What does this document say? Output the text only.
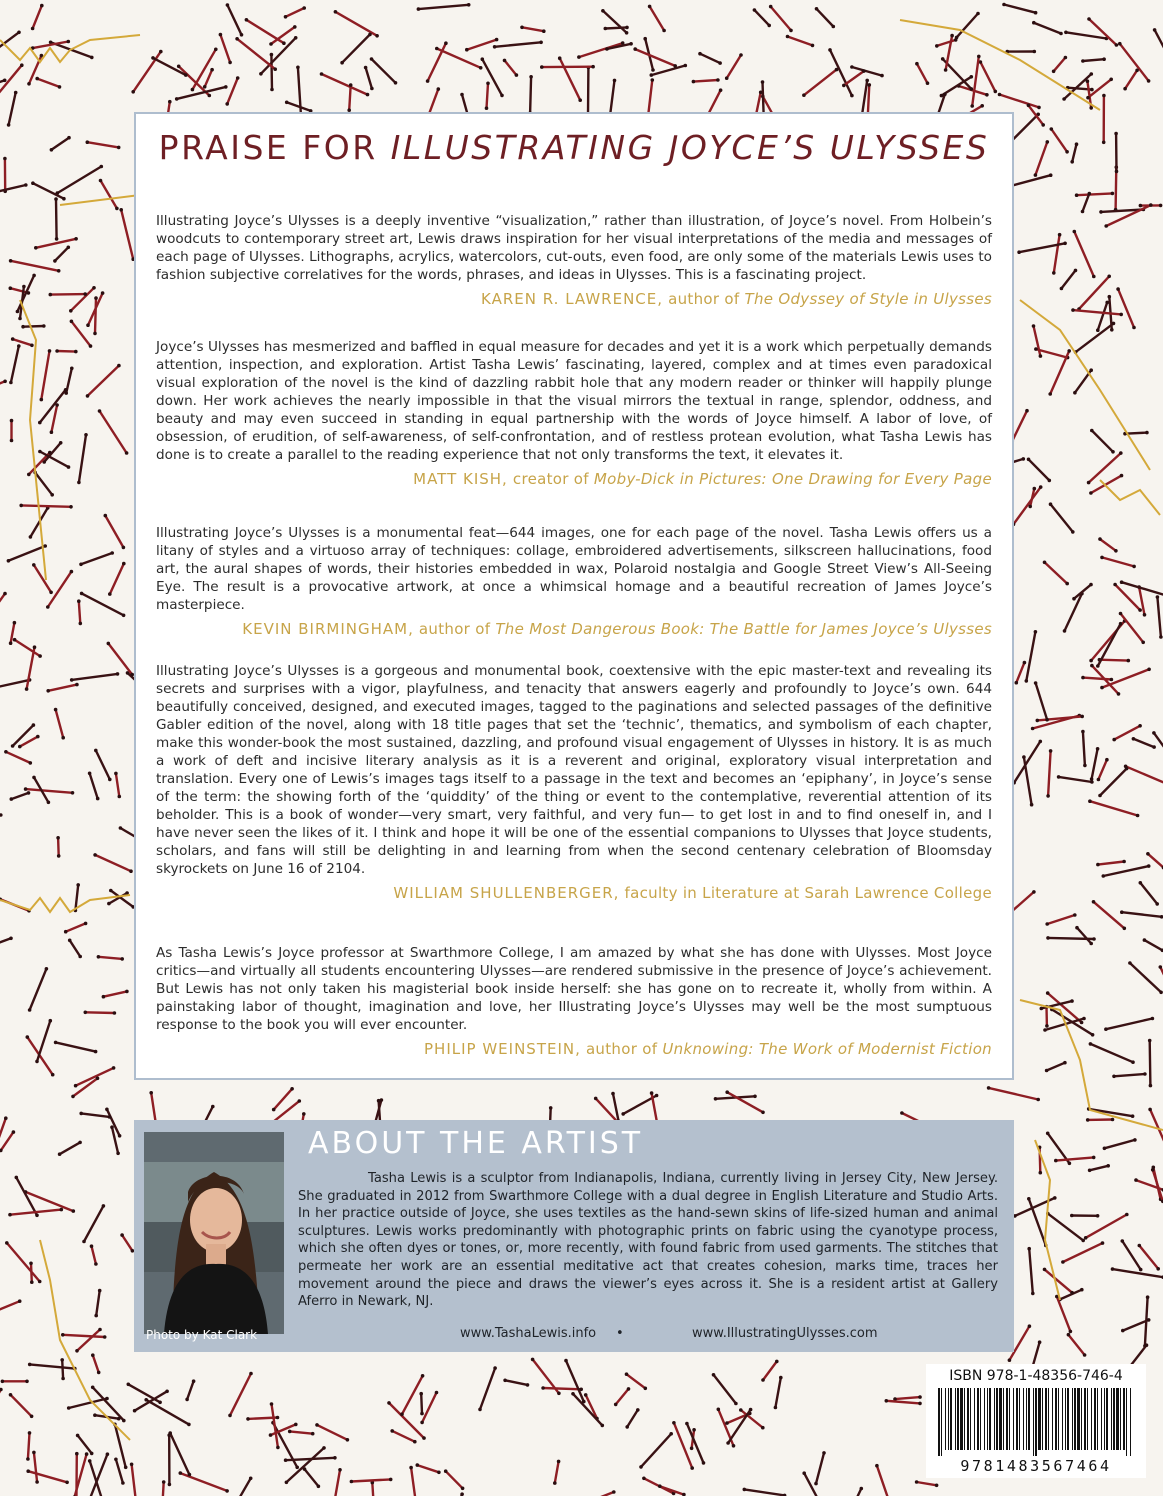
PRAISE FOR ILLUSTRATING JOYCE’S ULYSSES

Illustrating Joyce’s Ulysses is a deeply inventive “visualization,” rather than illustration, of Joyce’s novel. From Holbein’s woodcuts to contemporary street art, Lewis draws inspiration for her visual interpretations of the media and messages of each page of Ulysses. Lithographs, acrylics, watercolors, cut-outs, even food, are only some of the materials Lewis uses to fashion subjective correlatives for the words, phrases, and ideas in Ulysses. This is a fascinating project.

KAREN R. LAWRENCE, author of The Odyssey of Style in Ulysses

Joyce’s Ulysses has mesmerized and baffled in equal measure for decades and yet it is a work which perpetually demands attention, inspection, and exploration. Artist Tasha Lewis’ fascinating, layered, complex and at times even paradoxical visual exploration of the novel is the kind of dazzling rabbit hole that any modern reader or thinker will happily plunge down. Her work achieves the nearly impossible in that the visual mirrors the textual in range, splendor, oddness, and beauty and may even succeed in standing in equal partnership with the words of Joyce himself. A labor of love, of obsession, of erudition, of self-awareness, of self-confrontation, and of restless protean evolution, what Tasha Lewis has done is to create a parallel to the reading experience that not only transforms the text, it elevates it.

MATT KISH, creator of Moby-Dick in Pictures: One Drawing for Every Page

Illustrating Joyce’s Ulysses is a monumental feat—644 images, one for each page of the novel. Tasha Lewis offers us a litany of styles and a virtuoso array of techniques: collage, embroidered advertisements, silkscreen hallucinations, food art, the aural shapes of words, their histories embedded in wax, Polaroid nostalgia and Google Street View’s All-Seeing Eye. The result is a provocative artwork, at once a whimsical homage and a beautiful recreation of James Joyce’s masterpiece.

KEVIN BIRMINGHAM, author of The Most Dangerous Book: The Battle for James Joyce’s Ulysses

Illustrating Joyce’s Ulysses is a gorgeous and monumental book, coextensive with the epic master-text and revealing its secrets and surprises with a vigor, playfulness, and tenacity that answers eagerly and profoundly to Joyce’s own. 644 beautifully conceived, designed, and executed images, tagged to the paginations and selected passages of the definitive Gabler edition of the novel, along with 18 title pages that set the ‘technic’, thematics, and symbolism of each chapter, make this wonder-book the most sustained, dazzling, and profound visual engagement of Ulysses in history. It is as much a work of deft and incisive literary analysis as it is a reverent and original, exploratory visual interpretation and translation. Every one of Lewis’s images tags itself to a passage in the text and becomes an ‘epiphany’, in Joyce’s sense of the term: the showing forth of the ‘quiddity’ of the thing or event to the contemplative, reverential attention of its beholder. This is a book of wonder—very smart, very faithful, and very fun— to get lost in and to find oneself in, and I have never seen the likes of it. I think and hope it will be one of the essential companions to Ulysses that Joyce students, scholars, and fans will still be delighting in and learning from when the second centenary celebration of Bloomsday skyrockets on June 16 of 2104.

WILLIAM SHULLENBERGER, faculty in Literature at Sarah Lawrence College

As Tasha Lewis’s Joyce professor at Swarthmore College, I am amazed by what she has done with Ulysses. Most Joyce critics—and virtually all students encountering Ulysses—are rendered submissive in the presence of Joyce’s achievement. But Lewis has not only taken his magisterial book inside herself: she has gone on to recreate it, wholly from within. A painstaking labor of thought, imagination and love, her Illustrating Joyce’s Ulysses may well be the most sumptuous response to the book you will ever encounter.

PHILIP WEINSTEIN, author of Unknowing: The Work of Modernist Fiction
Photo by Kat Clark
ABOUT THE ARTIST

Tasha Lewis is a sculptor from Indianapolis, Indiana, currently living in Jersey City, New Jersey. She graduated in 2012 from Swarthmore College with a dual degree in English Literature and Studio Arts. In her practice outside of Joyce, she uses textiles as the hand-sewn skins of life-sized human and animal sculptures. Lewis works predominantly with photographic prints on fabric using the cyanotype process, which she often dyes or tones, or, more recently, with found fabric from used garments. The stitches that permeate her work are an essential meditative act that creates cohesion, marks time, traces her movement around the piece and draws the viewer’s eyes across it. She is a resident artist at Gallery Aferro in Newark, NJ.

www.TashaLewis.info •	www.IllustratingUlysses.com
ISBN 978-1-48356-746-4
9781483567464
